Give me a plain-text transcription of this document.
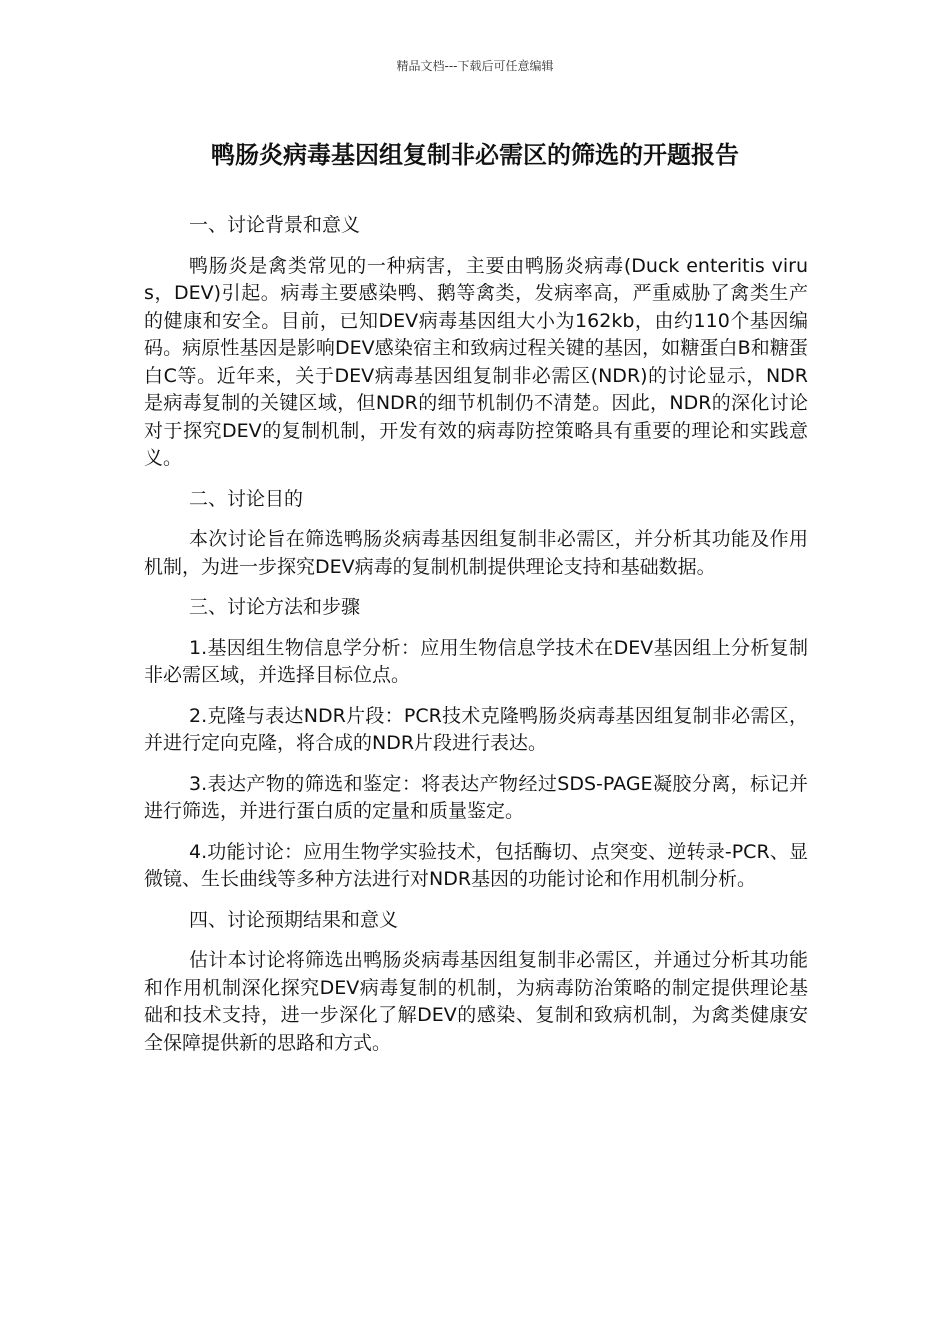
精品文档---下载后可任意编辑
鸭肠炎病毒基因组复制非必需区的筛选的开题报告

一、讨论背景和意义

鸭肠炎是禽类常见的一种病害，主要由鸭肠炎病毒(Duck enteritis virus，DEV)引起。病毒主要感染鸭、鹅等禽类，发病率高，严重威胁了禽类生产的健康和安全。目前，已知DEV病毒基因组大小为162kb，由约110个基因编码。病原性基因是影响DEV感染宿主和致病过程关键的基因，如糖蛋白B和糖蛋白C等。近年来，关于DEV病毒基因组复制非必需区(NDR)的讨论显示，NDR是病毒复制的关键区域，但NDR的细节机制仍不清楚。因此，NDR的深化讨论对于探究DEV的复制机制，开发有效的病毒防控策略具有重要的理论和实践意义。

二、讨论目的

本次讨论旨在筛选鸭肠炎病毒基因组复制非必需区，并分析其功能及作用机制，为进一步探究DEV病毒的复制机制提供理论支持和基础数据。

三、讨论方法和步骤

1.基因组生物信息学分析：应用生物信息学技术在DEV基因组上分析复制非必需区域，并选择目标位点。

2.克隆与表达NDR片段：PCR技术克隆鸭肠炎病毒基因组复制非必需区，并进行定向克隆，将合成的NDR片段进行表达。

3.表达产物的筛选和鉴定：将表达产物经过SDS-PAGE凝胶分离，标记并进行筛选，并进行蛋白质的定量和质量鉴定。

4.功能讨论：应用生物学实验技术，包括酶切、点突变、逆转录-PCR、显微镜、生长曲线等多种方法进行对NDR基因的功能讨论和作用机制分析。

四、讨论预期结果和意义

估计本讨论将筛选出鸭肠炎病毒基因组复制非必需区，并通过分析其功能和作用机制深化探究DEV病毒复制的机制，为病毒防治策略的制定提供理论基础和技术支持，进一步深化了解DEV的感染、复制和致病机制，为禽类健康安全保障提供新的思路和方式。
